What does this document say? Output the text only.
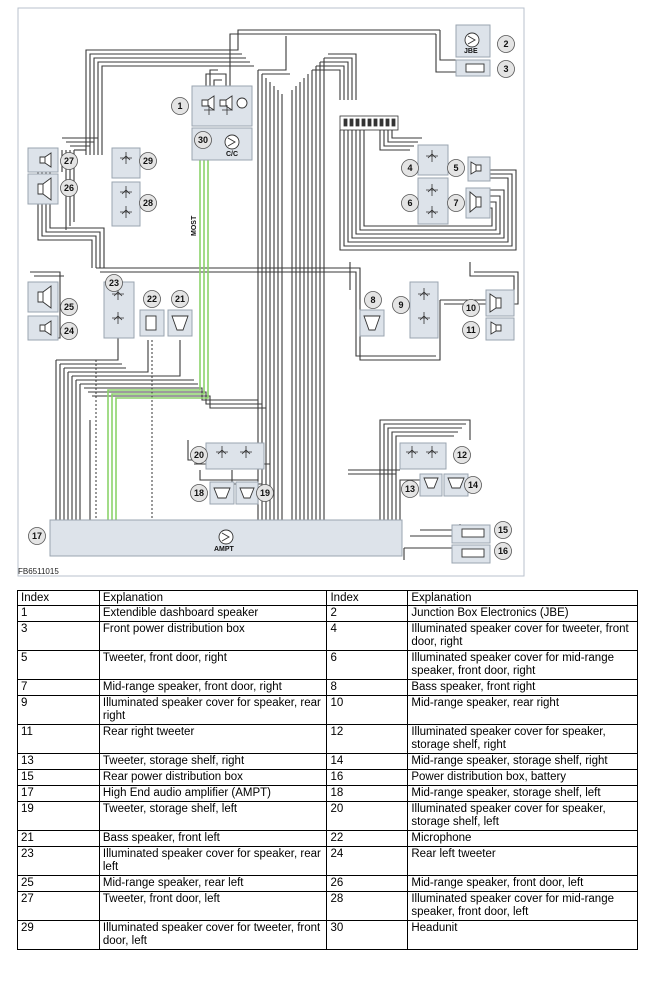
JBE
C/C
AMPT
MOST
FB6511015
1
2
3
4	5
6	7
8	9	10
11
12
13	14
15
16
17
18	19
20
21
22
23
24
25
26
27
28
29
30
Index	Explanation	Index	Explanation
1	Extendible dashboard speaker	2	Junction Box Electronics (JBE)
3	Front power distribution box	4	Illuminated speaker cover for tweeter, front door, right
5	Tweeter, front door, right	6	Illuminated speaker cover for mid-range speaker, front door, right
7	Mid-range speaker, front door, right	8	Bass speaker, front right
9	Illuminated speaker cover for speaker, rear right	10	Mid-range speaker, rear right
11	Rear right tweeter	12	Illuminated speaker cover for speaker, storage shelf, right
13	Tweeter, storage shelf, right	14	Mid-range speaker, storage shelf, right
15	Rear power distribution box	16	Power distribution box, battery
17	High End audio amplifier (AMPT)	18	Mid-range speaker, storage shelf, left
19	Tweeter, storage shelf, left	20	Illuminated speaker cover for speaker, storage shelf, left
21	Bass speaker, front left	22	Microphone
23	Illuminated speaker cover for speaker, rear left	24	Rear left tweeter
25	Mid-range speaker, rear left	26	Mid-range speaker, front door, left
27	Tweeter, front door, left	28	Illuminated speaker cover for mid-range speaker, front door, left
29	Illuminated speaker cover for tweeter, front door, left	30	Headunit
